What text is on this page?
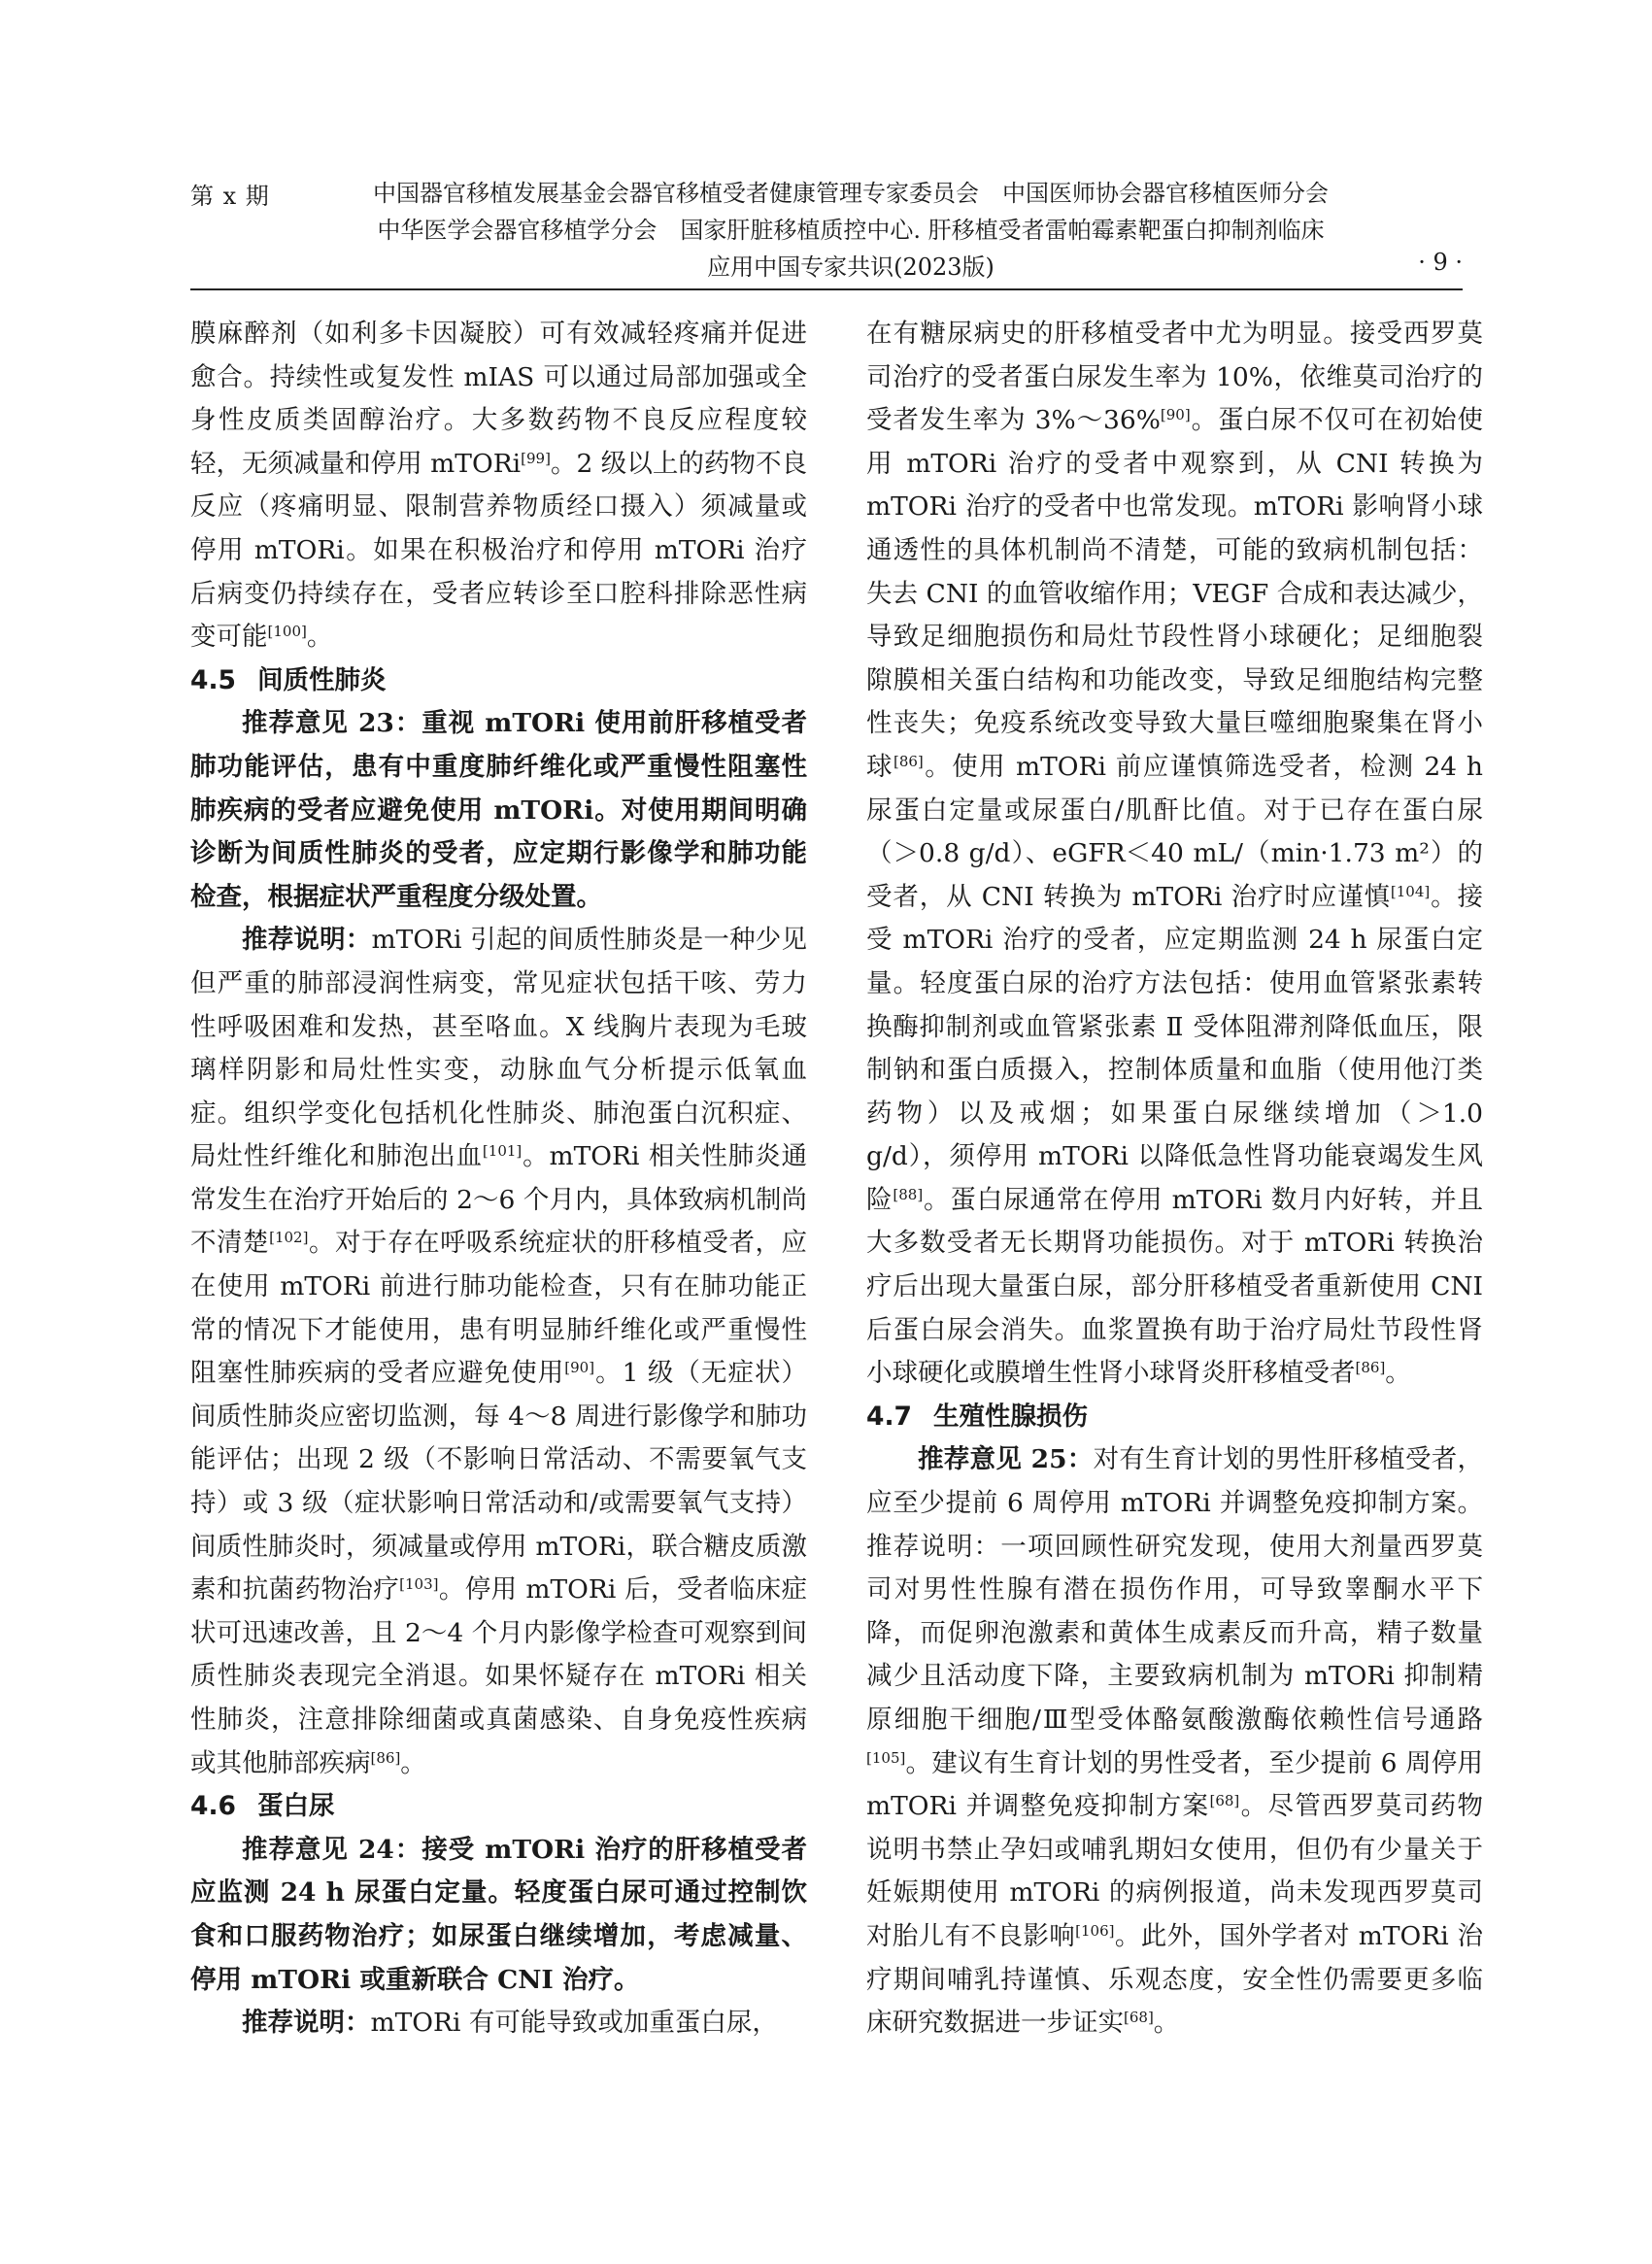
第 x 期	中国器官移植发展基金会器官移植受者健康管理专家委员会　中国医师协会器官移植医师分会
中华医学会器官移植学分会　国家肝脏移植质控中心. 肝移植受者雷帕霉素靶蛋白抑制剂临床
应用中国专家共识(2023版)	· 9 ·

膜麻醉剂（如利多卡因凝胶）可有效减轻疼痛并促进愈合。持续性或复发性 mIAS 可以通过局部加强或全身性皮质类固醇治疗。大多数药物不良反应程度较轻，无须减量和停用 mTORi[99]。2 级以上的药物不良反应（疼痛明显、限制营养物质经口摄入）须减量或停用 mTORi。如果在积极治疗和停用 mTORi 治疗后病变仍持续存在，受者应转诊至口腔科排除恶性病变可能[100]。

4.5 间质性肺炎

推荐意见 23：重视 mTORi 使用前肝移植受者肺功能评估，患有中重度肺纤维化或严重慢性阻塞性肺疾病的受者应避免使用 mTORi。对使用期间明确诊断为间质性肺炎的受者，应定期行影像学和肺功能检查，根据症状严重程度分级处置。

推荐说明：mTORi 引起的间质性肺炎是一种少见但严重的肺部浸润性病变，常见症状包括干咳、劳力性呼吸困难和发热，甚至咯血。X 线胸片表现为毛玻璃样阴影和局灶性实变，动脉血气分析提示低氧血症。组织学变化包括机化性肺炎、肺泡蛋白沉积症、局灶性纤维化和肺泡出血[101]。mTORi 相关性肺炎通常发生在治疗开始后的 2～6 个月内，具体致病机制尚不清楚[102]。对于存在呼吸系统症状的肝移植受者，应在使用 mTORi 前进行肺功能检查，只有在肺功能正常的情况下才能使用，患有明显肺纤维化或严重慢性阻塞性肺疾病的受者应避免使用[90]。1 级（无症状）间质性肺炎应密切监测，每 4～8 周进行影像学和肺功能评估；出现 2 级（不影响日常活动、不需要氧气支持）或 3 级（症状影响日常活动和/或需要氧气支持）间质性肺炎时，须减量或停用 mTORi，联合糖皮质激素和抗菌药物治疗[103]。停用 mTORi 后，受者临床症状可迅速改善，且 2～4 个月内影像学检查可观察到间质性肺炎表现完全消退。如果怀疑存在 mTORi 相关性肺炎，注意排除细菌或真菌感染、自身免疫性疾病或其他肺部疾病[86]。

4.6 蛋白尿

推荐意见 24：接受 mTORi 治疗的肝移植受者应监测 24 h 尿蛋白定量。轻度蛋白尿可通过控制饮食和口服药物治疗；如尿蛋白继续增加，考虑减量、停用 mTORi 或重新联合 CNI 治疗。

推荐说明：mTORi 有可能导致或加重蛋白尿，

在有糖尿病史的肝移植受者中尤为明显。接受西罗莫司治疗的受者蛋白尿发生率为 10%，依维莫司治疗的受者发生率为 3%～36%[90]。蛋白尿不仅可在初始使用 mTORi 治疗的受者中观察到，从 CNI 转换为 mTORi 治疗的受者中也常发现。mTORi 影响肾小球通透性的具体机制尚不清楚，可能的致病机制包括：失去 CNI 的血管收缩作用；VEGF 合成和表达减少，导致足细胞损伤和局灶节段性肾小球硬化；足细胞裂隙膜相关蛋白结构和功能改变，导致足细胞结构完整性丧失；免疫系统改变导致大量巨噬细胞聚集在肾小球[86]。使用 mTORi 前应谨慎筛选受者，检测 24 h 尿蛋白定量或尿蛋白/肌酐比值。对于已存在蛋白尿（＞0.8 g/d）、eGFR＜40 mL/（min·1.73 m²）的受者，从 CNI 转换为 mTORi 治疗时应谨慎[104]。接受 mTORi 治疗的受者，应定期监测 24 h 尿蛋白定量。轻度蛋白尿的治疗方法包括：使用血管紧张素转换酶抑制剂或血管紧张素 Ⅱ 受体阻滞剂降低血压，限制钠和蛋白质摄入，控制体质量和血脂（使用他汀类药物）以及戒烟；如果蛋白尿继续增加（＞1.0 g/d），须停用 mTORi 以降低急性肾功能衰竭发生风险[88]。蛋白尿通常在停用 mTORi 数月内好转，并且大多数受者无长期肾功能损伤。对于 mTORi 转换治疗后出现大量蛋白尿，部分肝移植受者重新使用 CNI 后蛋白尿会消失。血浆置换有助于治疗局灶节段性肾小球硬化或膜增生性肾小球肾炎肝移植受者[86]。

4.7 生殖性腺损伤

推荐意见 25：对有生育计划的男性肝移植受者，应至少提前 6 周停用 mTORi 并调整免疫抑制方案。推荐说明：一项回顾性研究发现，使用大剂量西罗莫司对男性性腺有潜在损伤作用，可导致睾酮水平下降，而促卵泡激素和黄体生成素反而升高，精子数量减少且活动度下降，主要致病机制为 mTORi 抑制精原细胞干细胞/Ⅲ型受体酪氨酸激酶依赖性信号通路[105]。建议有生育计划的男性受者，至少提前 6 周停用 mTORi 并调整免疫抑制方案[68]。尽管西罗莫司药物说明书禁止孕妇或哺乳期妇女使用，但仍有少量关于妊娠期使用 mTORi 的病例报道，尚未发现西罗莫司对胎儿有不良影响[106]。此外，国外学者对 mTORi 治疗期间哺乳持谨慎、乐观态度，安全性仍需要更多临床研究数据进一步证实[68]。
